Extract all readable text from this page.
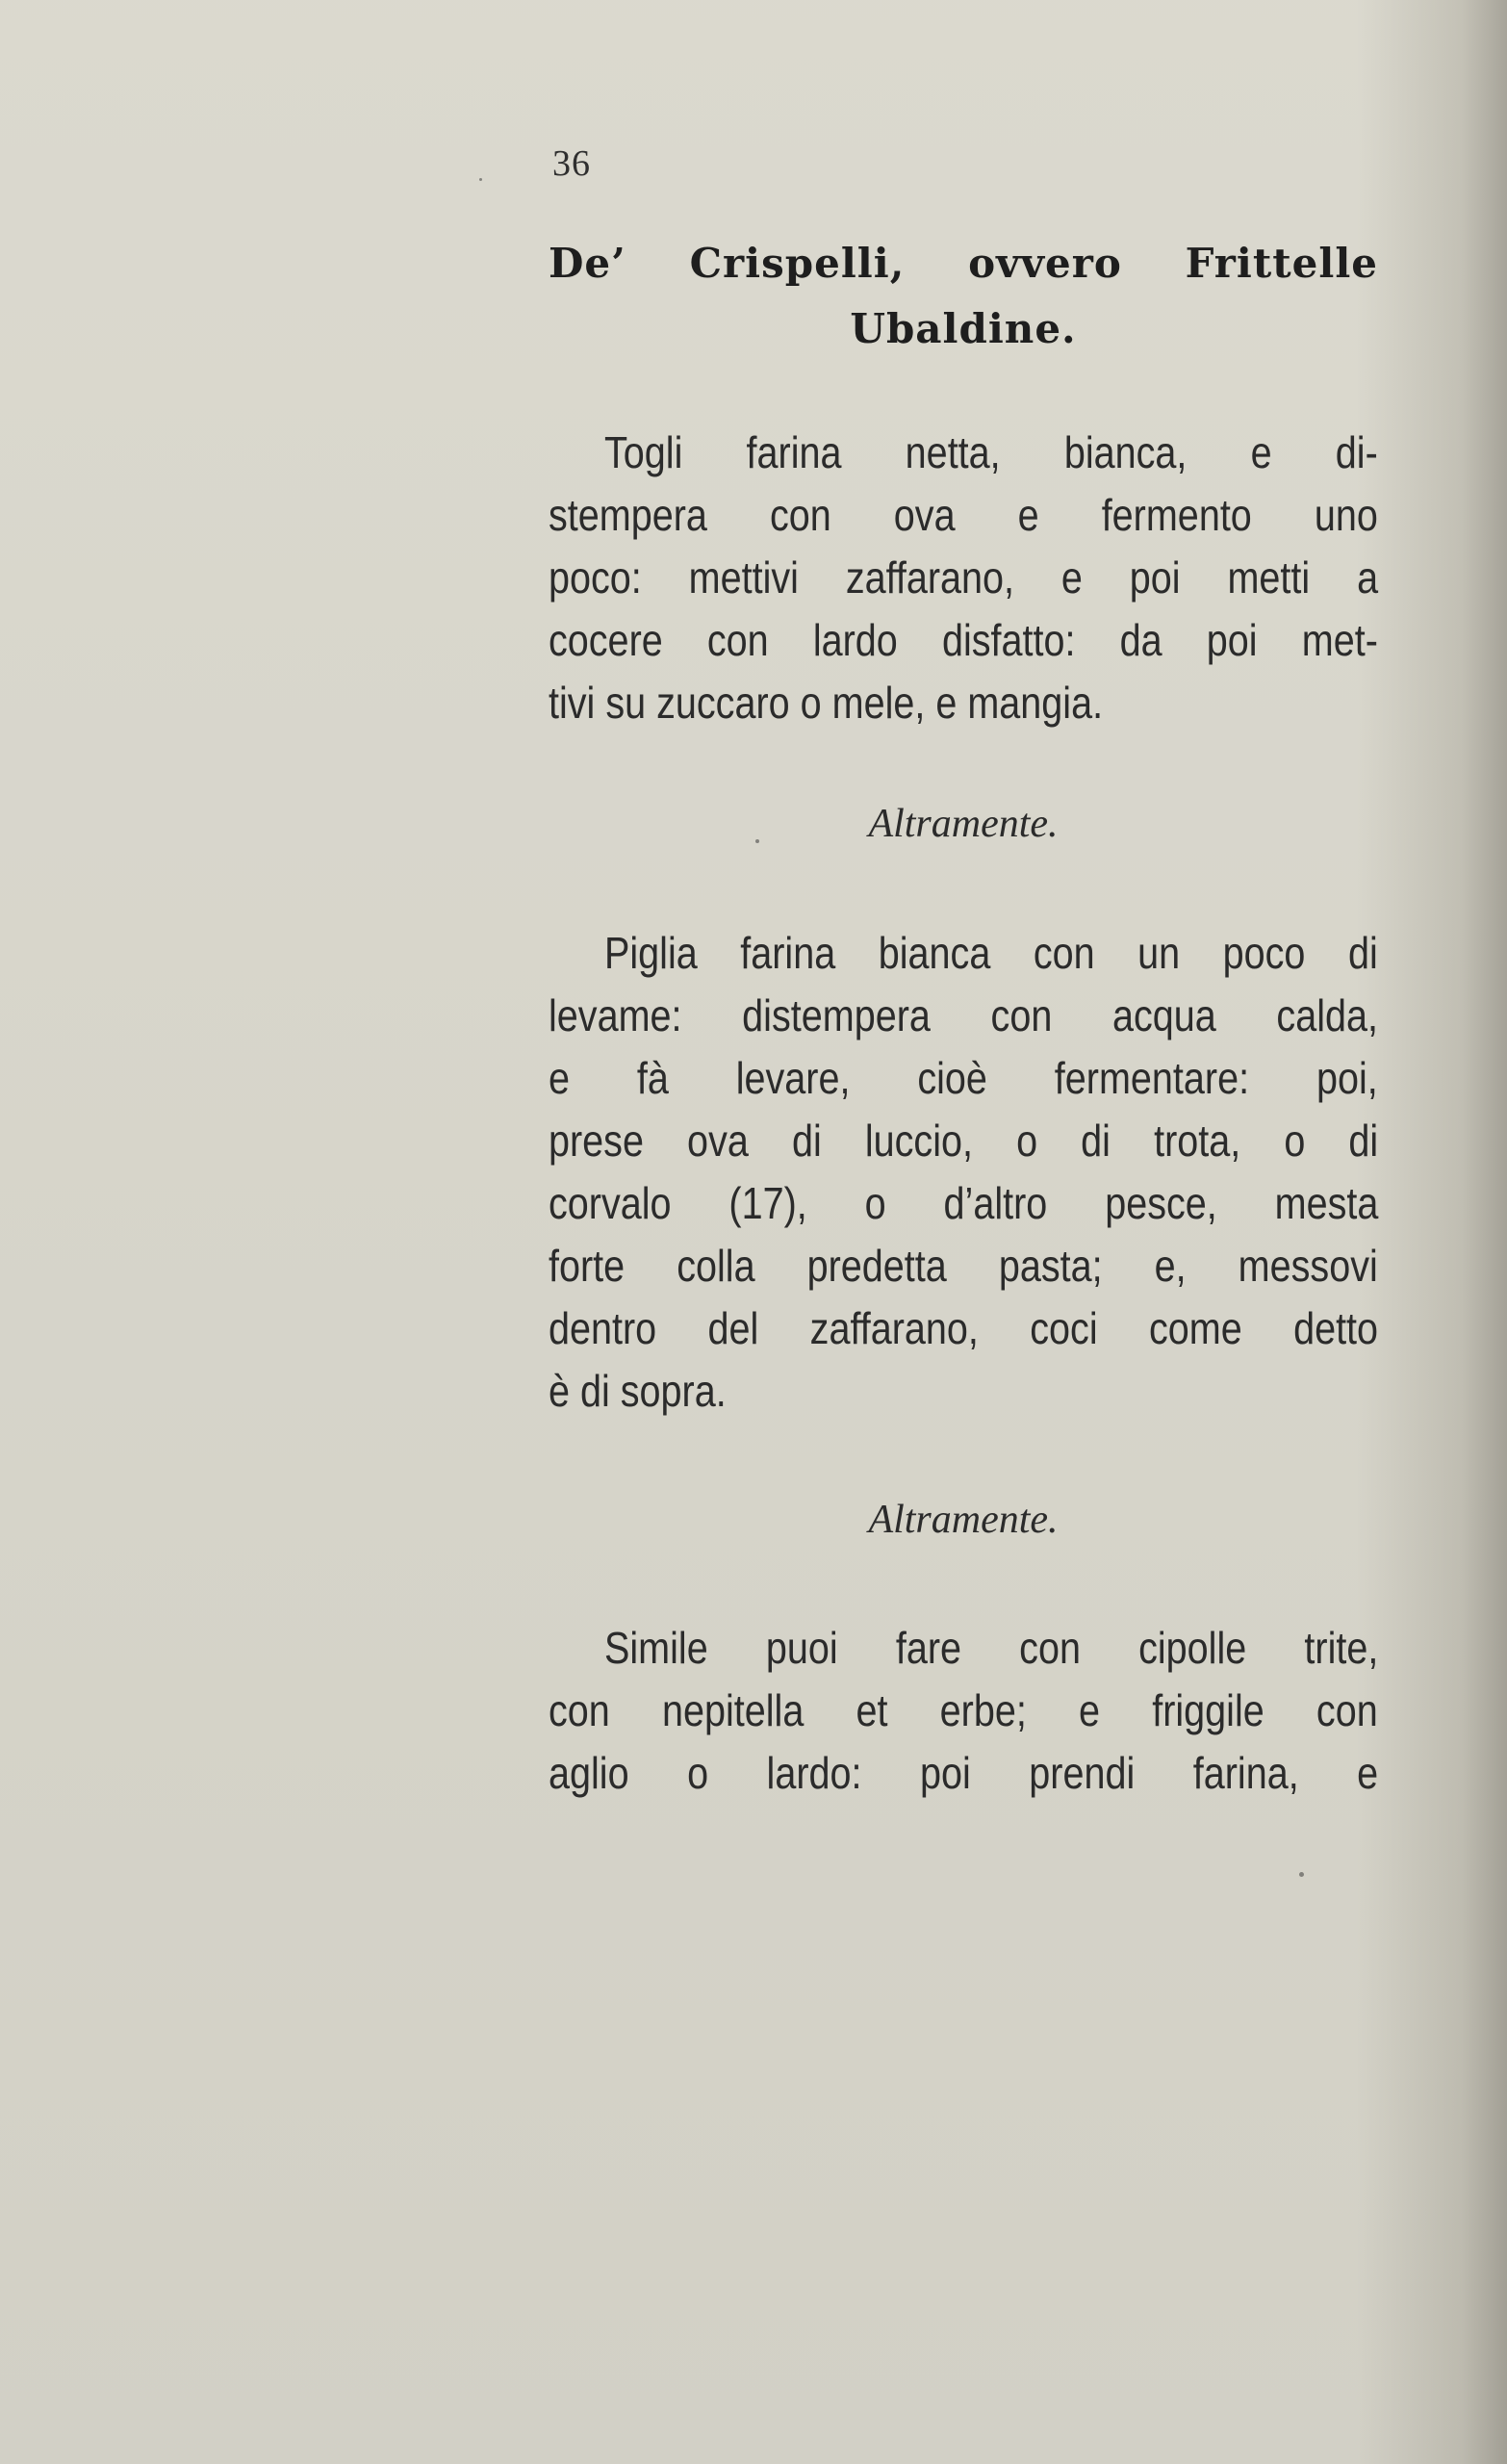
36
De’ Crispelli, ovvero Frittelle
Ubaldine.
Togli farina netta, bianca, e di-
stempera con ova e fermento uno
poco: mettivi zaffarano, e poi metti a
cocere con lardo disfatto: da poi met-
tivi su zuccaro o mele, e mangia.
Altramente.
Piglia farina bianca con un poco di
levame: distempera con acqua calda,
e fà levare, cioè fermentare: poi,
prese ova di luccio, o di trota, o di
corvalo (17), o d’altro pesce, mesta
forte colla predetta pasta; e, messovi
dentro del zaffarano, coci come detto
è di sopra.
Altramente.
Simile puoi fare con cipolle trite,
con nepitella et erbe; e friggile con
aglio o lardo: poi prendi farina, e
